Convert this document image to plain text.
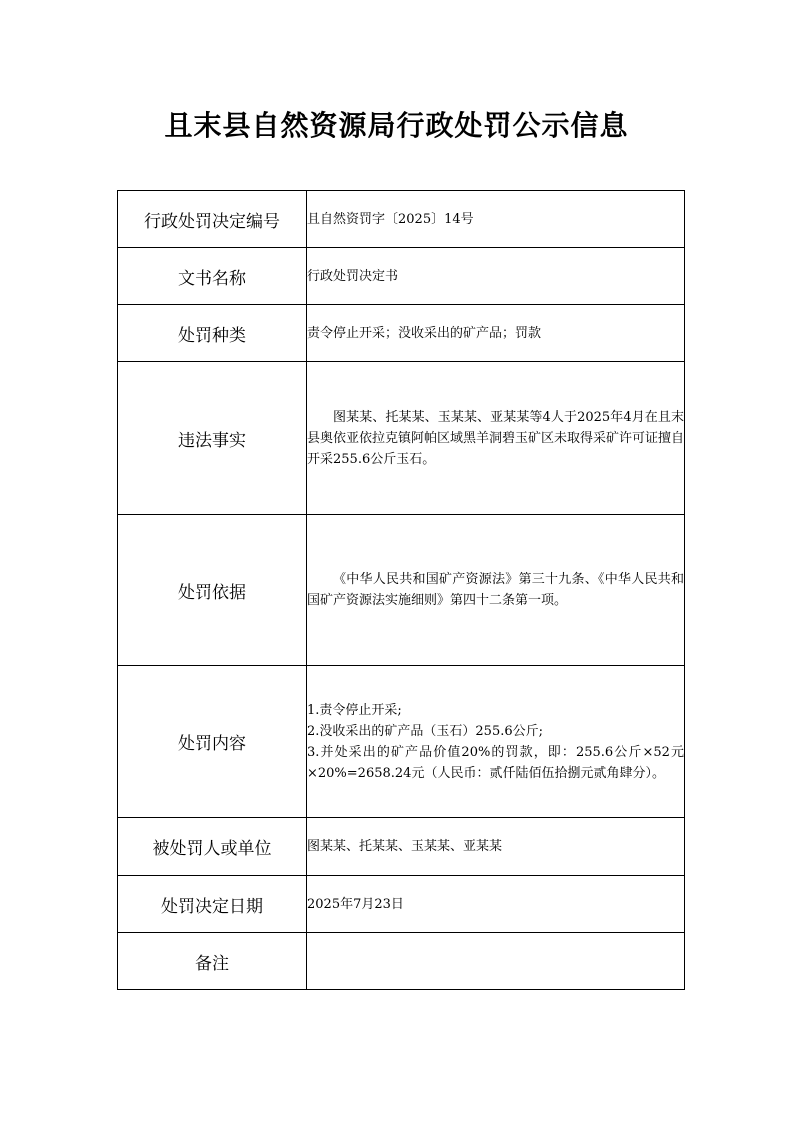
且末县自然资源局行政处罚公示信息
行政处罚决定编号	且自然资罚字〔2025〕14号
文书名称	行政处罚决定书
处罚种类	责令停止开采；没收采出的矿产品；罚款
违法事实	图某某、托某某、玉某某、亚某某等4人于2025年4月在且末县奥依亚依拉克镇阿帕区域黑羊洞碧玉矿区未取得采矿许可证擅自开采255.6公斤玉石。
处罚依据	《中华人民共和国矿产资源法》第三十九条、《中华人民共和国矿产资源法实施细则》第四十二条第一项。
处罚内容	1.责令停止开采;
2.没收采出的矿产品（玉石）255.6公斤;
3.并处采出的矿产品价值20%的罚款，即：255.6公斤×52元×20%=2658.24元（人民币：贰仟陆佰伍拾捌元贰角肆分）。

被处罚人或单位	图某某、托某某、玉某某、亚某某
处罚决定日期	2025年7月23日
备注	
